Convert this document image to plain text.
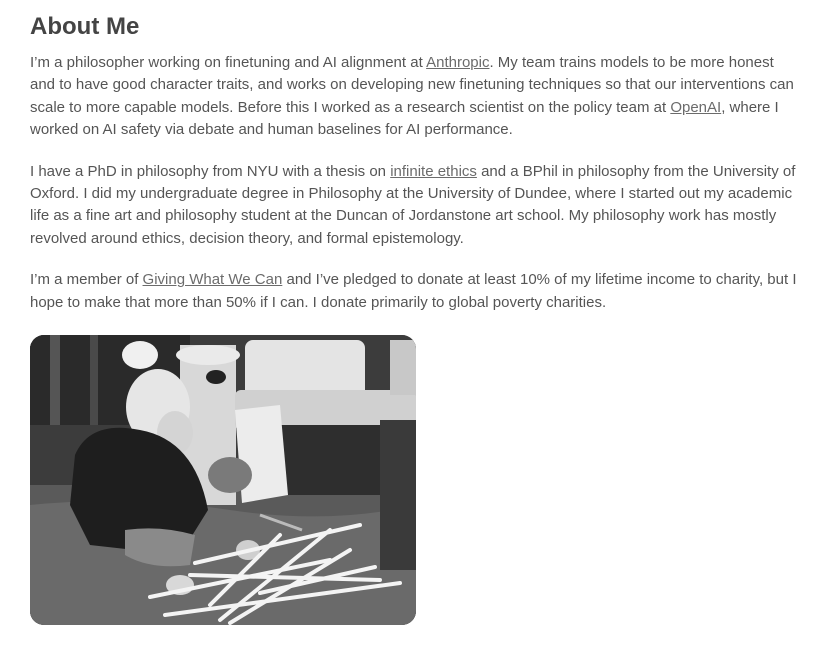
About Me

I’m a philosopher working on finetuning and AI alignment at Anthropic. My team trains models to be more honest and to have good character traits, and works on developing new finetuning techniques so that our interventions can scale to more capable models. Before this I worked as a research scientist on the policy team at OpenAI, where I worked on AI safety via debate and human baselines for AI performance.

I have a PhD in philosophy from NYU with a thesis on infinite ethics and a BPhil in philosophy from the University of Oxford. I did my undergraduate degree in Philosophy at the University of Dundee, where I started out my academic life as a fine art and philosophy student at the Duncan of Jordanstone art school. My philosophy work has mostly revolved around ethics, decision theory, and formal epistemology.

I’m a member of Giving What We Can and I’ve pledged to donate at least 10% of my lifetime income to charity, but I hope to make that more than 50% if I can. I donate primarily to global poverty charities.
